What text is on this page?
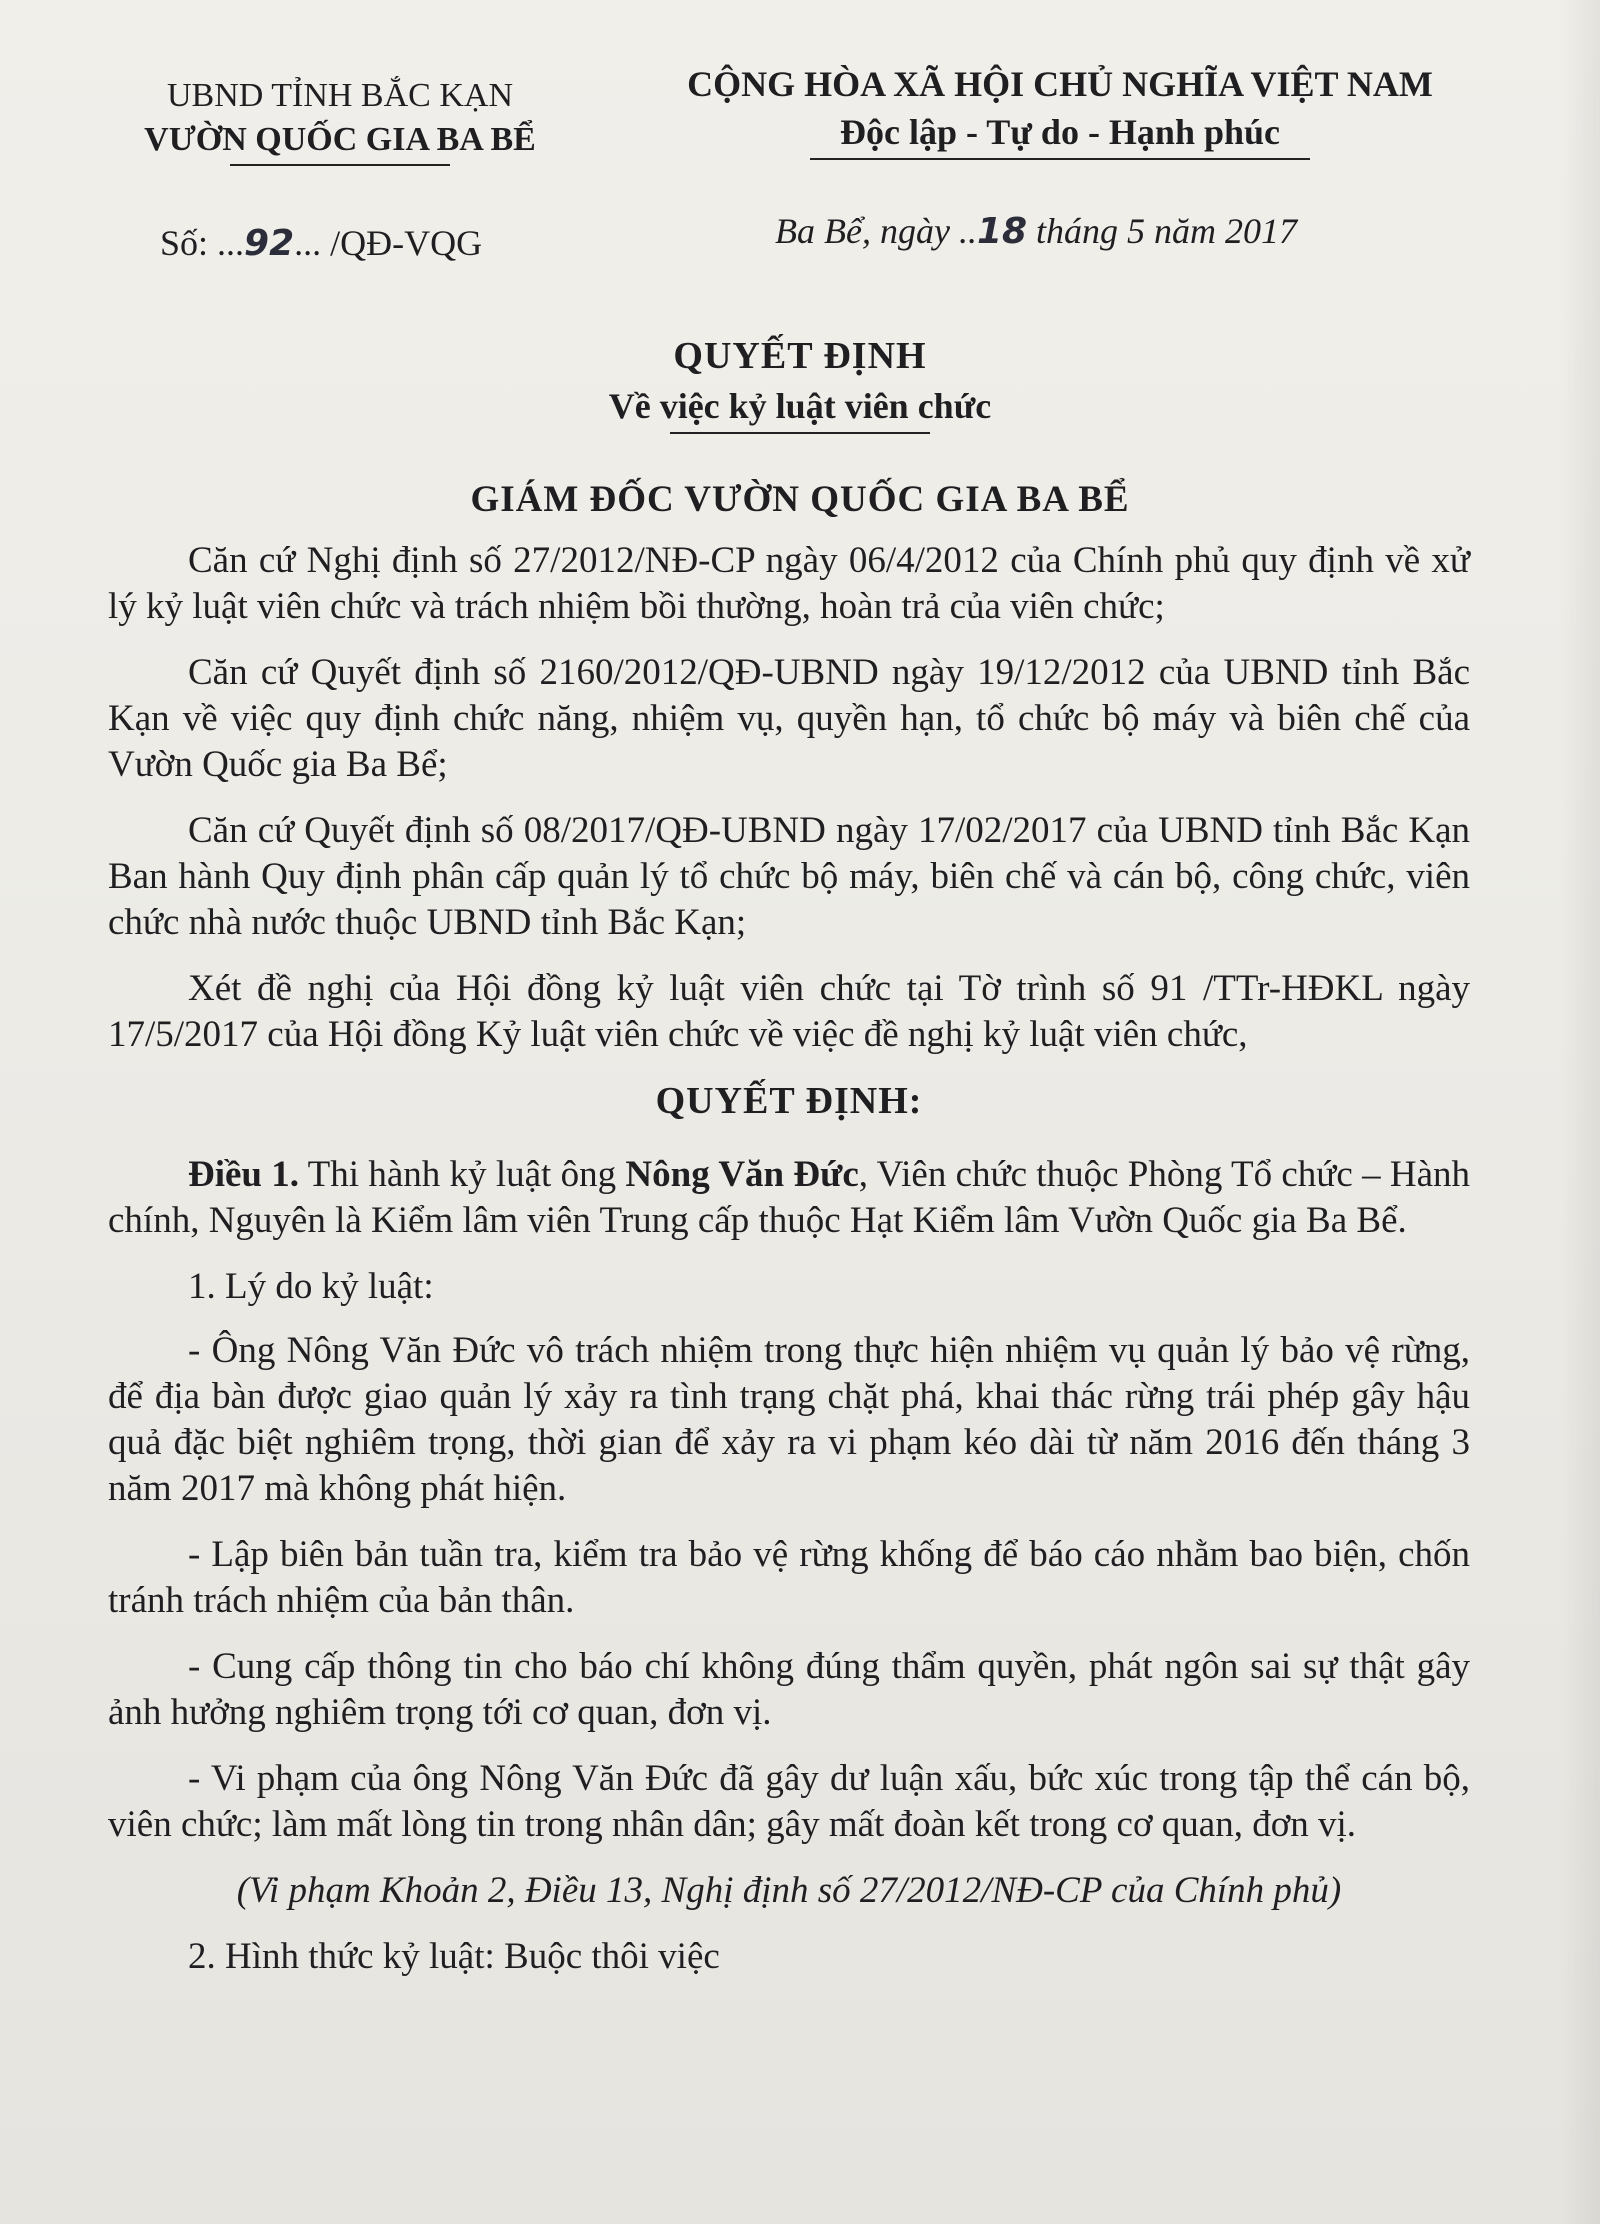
UBND TỈNH BẮC KẠN
VƯỜN QUỐC GIA BA BỂ
CỘNG HÒA XÃ HỘI CHỦ NGHĨA VIỆT NAM
Độc lập - Tự do - Hạnh phúc
Số: ...92... /QĐ-VQG	Ba Bể, ngày ..18 tháng 5 năm 2017
QUYẾT ĐỊNH
Về việc kỷ luật viên chức
GIÁM ĐỐC VƯỜN QUỐC GIA BA BỂ

Căn cứ Nghị định số 27/2012/NĐ-CP ngày 06/4/2012 của Chính phủ quy định về xử lý kỷ luật viên chức và trách nhiệm bồi thường, hoàn trả của viên chức;

Căn cứ Quyết định số 2160/2012/QĐ-UBND ngày 19/12/2012 của UBND tỉnh Bắc Kạn về việc quy định chức năng, nhiệm vụ, quyền hạn, tổ chức bộ máy và biên chế của Vườn Quốc gia Ba Bể;

Căn cứ Quyết định số 08/2017/QĐ-UBND ngày 17/02/2017 của UBND tỉnh Bắc Kạn Ban hành Quy định phân cấp quản lý tổ chức bộ máy, biên chế và cán bộ, công chức, viên chức nhà nước thuộc UBND tỉnh Bắc Kạn;

Xét đề nghị của Hội đồng kỷ luật viên chức tại Tờ trình số 91 /TTr-HĐKL ngày 17/5/2017 của Hội đồng Kỷ luật viên chức về việc đề nghị kỷ luật viên chức,

QUYẾT ĐỊNH:

Điều 1. Thi hành kỷ luật ông Nông Văn Đức, Viên chức thuộc Phòng Tổ chức – Hành chính, Nguyên là Kiểm lâm viên Trung cấp thuộc Hạt Kiểm lâm Vườn Quốc gia Ba Bể.

1. Lý do kỷ luật:

- Ông Nông Văn Đức vô trách nhiệm trong thực hiện nhiệm vụ quản lý bảo vệ rừng, để địa bàn được giao quản lý xảy ra tình trạng chặt phá, khai thác rừng trái phép gây hậu quả đặc biệt nghiêm trọng, thời gian để xảy ra vi phạm kéo dài từ năm 2016 đến tháng 3 năm 2017 mà không phát hiện.

- Lập biên bản tuần tra, kiểm tra bảo vệ rừng khống để báo cáo nhằm bao biện, chốn tránh trách nhiệm của bản thân.

- Cung cấp thông tin cho báo chí không đúng thẩm quyền, phát ngôn sai sự thật gây ảnh hưởng nghiêm trọng tới cơ quan, đơn vị.

- Vi phạm của ông Nông Văn Đức đã gây dư luận xấu, bức xúc trong tập thể cán bộ, viên chức; làm mất lòng tin trong nhân dân; gây mất đoàn kết trong cơ quan, đơn vị.

(Vi phạm Khoản 2, Điều 13, Nghị định số 27/2012/NĐ-CP của Chính phủ)

2. Hình thức kỷ luật: Buộc thôi việc
